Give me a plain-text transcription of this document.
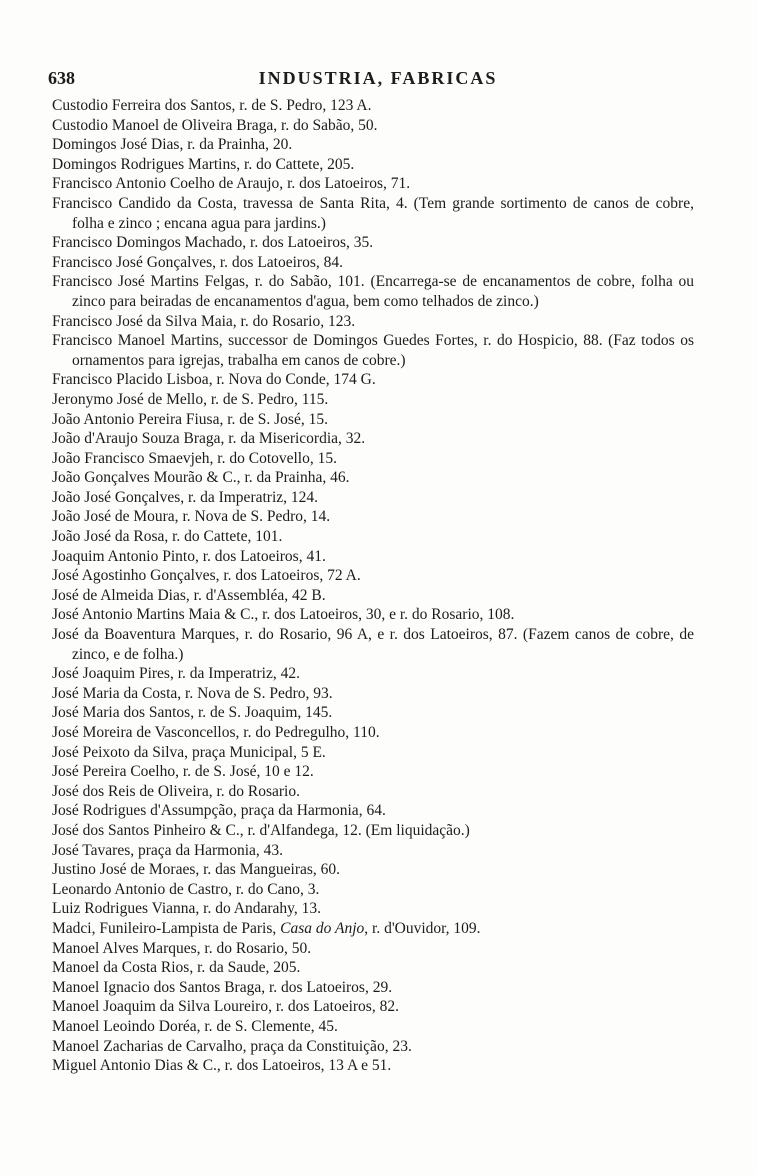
638	INDUSTRIA, FABRICAS
Custodio Ferreira dos Santos, r. de S. Pedro, 123 A.
Custodio Manoel de Oliveira Braga, r. do Sabão, 50.
Domingos José Dias, r. da Prainha, 20.
Domingos Rodrigues Martins, r. do Cattete, 205.
Francisco Antonio Coelho de Araujo, r. dos Latoeiros, 71.
Francisco Candido da Costa, travessa de Santa Rita, 4. (Tem grande sortimento de canos de cobre, folha e zinco ; encana agua para jardins.)
Francisco Domingos Machado, r. dos Latoeiros, 35.
Francisco José Gonçalves, r. dos Latoeiros, 84.
Francisco José Martins Felgas, r. do Sabão, 101. (Encarrega-se de encanamentos de cobre, folha ou zinco para beiradas de encanamentos d'agua, bem como telhados de zinco.)
Francisco José da Silva Maia, r. do Rosario, 123.
Francisco Manoel Martins, successor de Domingos Guedes Fortes, r. do Hospicio, 88. (Faz todos os ornamentos para igrejas, trabalha em canos de cobre.)
Francisco Placido Lisboa, r. Nova do Conde, 174 G.
Jeronymo José de Mello, r. de S. Pedro, 115.
João Antonio Pereira Fiusa, r. de S. José, 15.
João d'Araujo Souza Braga, r. da Misericordia, 32.
João Francisco Smaevjeh, r. do Cotovello, 15.
João Gonçalves Mourão & C., r. da Prainha, 46.
João José Gonçalves, r. da Imperatriz, 124.
João José de Moura, r. Nova de S. Pedro, 14.
João José da Rosa, r. do Cattete, 101.
Joaquim Antonio Pinto, r. dos Latoeiros, 41.
José Agostinho Gonçalves, r. dos Latoeiros, 72 A.
José de Almeida Dias, r. d'Assembléa, 42 B.
José Antonio Martins Maia & C., r. dos Latoeiros, 30, e r. do Rosario, 108.
José da Boaventura Marques, r. do Rosario, 96 A, e r. dos Latoeiros, 87. (Fazem canos de cobre, de zinco, e de folha.)
José Joaquim Pires, r. da Imperatriz, 42.
José Maria da Costa, r. Nova de S. Pedro, 93.
José Maria dos Santos, r. de S. Joaquim, 145.
José Moreira de Vasconcellos, r. do Pedregulho, 110.
José Peixoto da Silva, praça Municipal, 5 E.
José Pereira Coelho, r. de S. José, 10 e 12.
José dos Reis de Oliveira, r. do Rosario.
José Rodrigues d'Assumpção, praça da Harmonia, 64.
José dos Santos Pinheiro & C., r. d'Alfandega, 12. (Em liquidação.)
José Tavares, praça da Harmonia, 43.
Justino José de Moraes, r. das Mangueiras, 60.
Leonardo Antonio de Castro, r. do Cano, 3.
Luiz Rodrigues Vianna, r. do Andarahy, 13.
Madci, Funileiro-Lampista de Paris, Casa do Anjo, r. d'Ouvidor, 109.
Manoel Alves Marques, r. do Rosario, 50.
Manoel da Costa Rios, r. da Saude, 205.
Manoel Ignacio dos Santos Braga, r. dos Latoeiros, 29.
Manoel Joaquim da Silva Loureiro, r. dos Latoeiros, 82.
Manoel Leoindo Doréa, r. de S. Clemente, 45.
Manoel Zacharias de Carvalho, praça da Constituição, 23.
Miguel Antonio Dias & C., r. dos Latoeiros, 13 A e 51.
